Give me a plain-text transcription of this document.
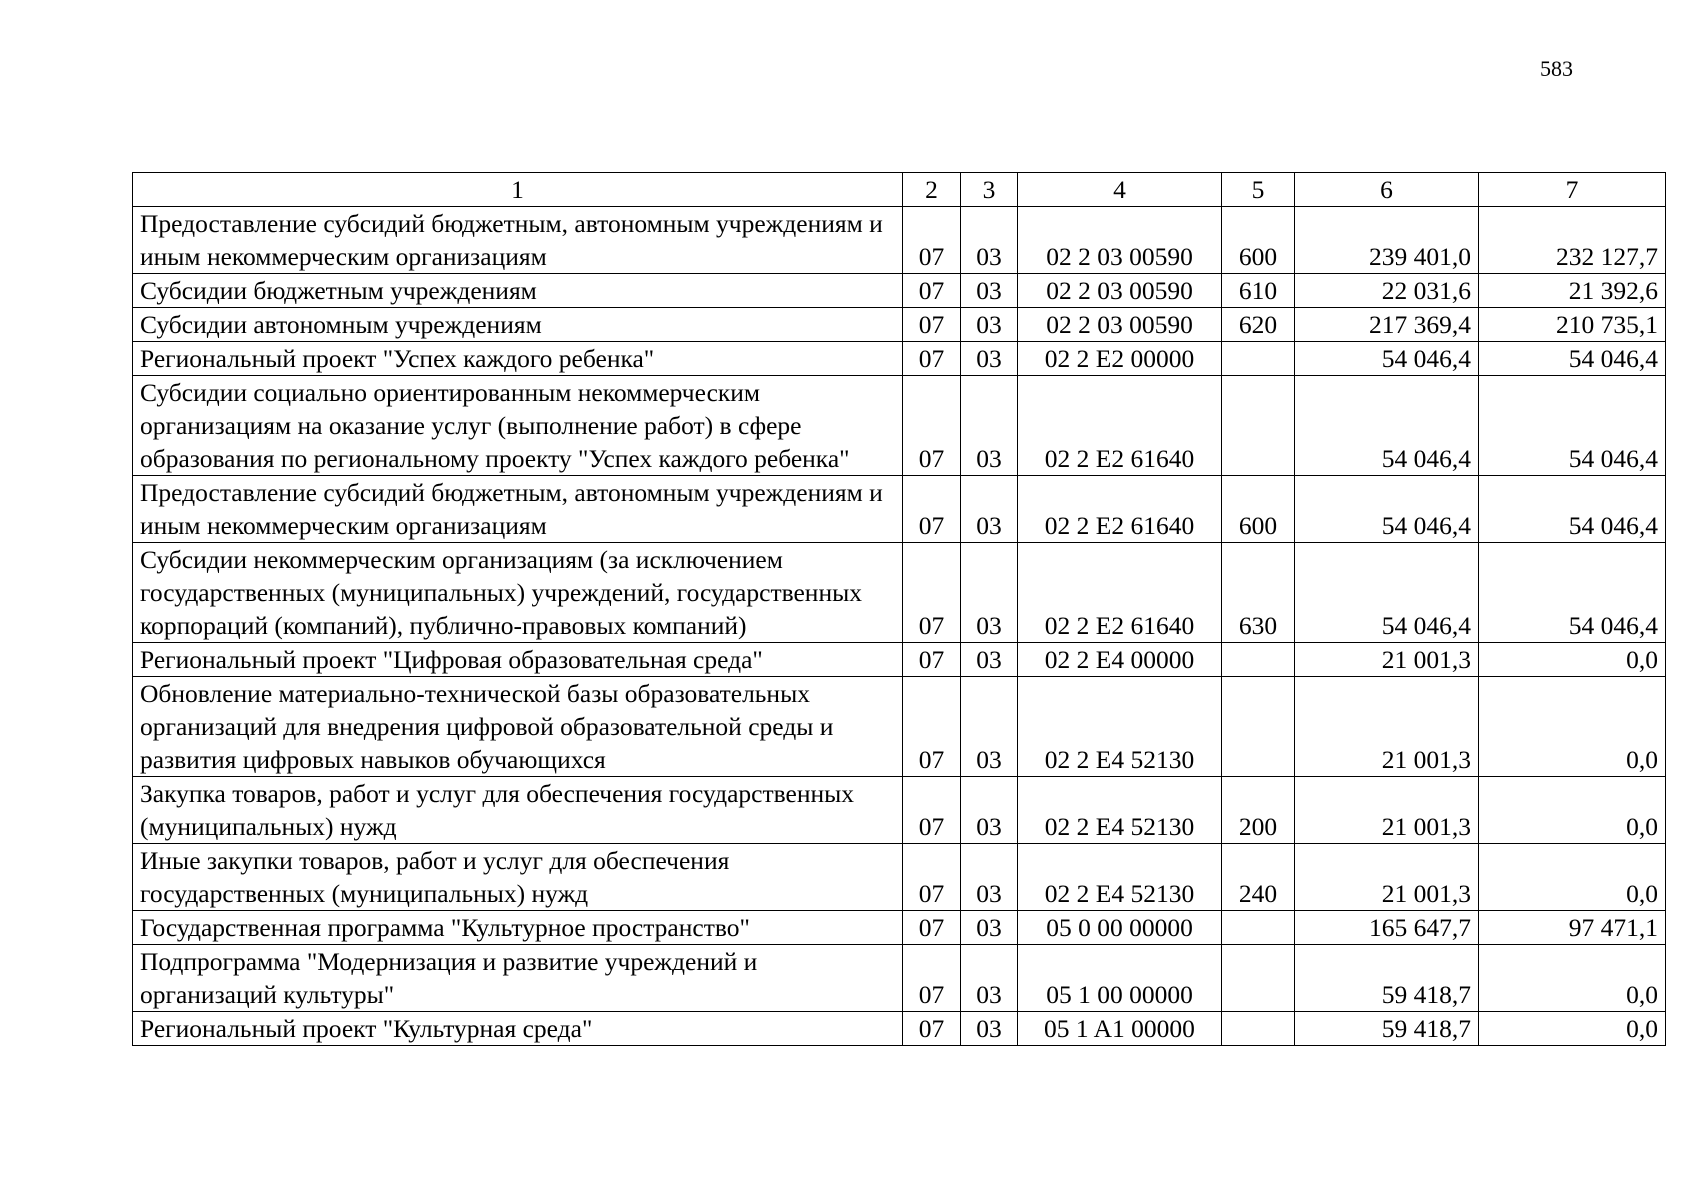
583
1	2	3	4	5	6	7
Предоставление субсидий бюджетным, автономным учреждениям и иным некоммерческим организациям	07	03	02 2 03 00590	600	239 401,0	232 127,7
Субсидии бюджетным учреждениям	07	03	02 2 03 00590	610	22 031,6	21 392,6
Субсидии автономным учреждениям	07	03	02 2 03 00590	620	217 369,4	210 735,1
Региональный проект "Успех каждого ребенка"	07	03	02 2 E2 00000		54 046,4	54 046,4
Субсидии социально ориентированным некоммерческим организациям на оказание услуг (выполнение работ) в сфере образования по региональному проекту "Успех каждого ребенка"	07	03	02 2 E2 61640		54 046,4	54 046,4
Предоставление субсидий бюджетным, автономным учреждениям и иным некоммерческим организациям	07	03	02 2 E2 61640	600	54 046,4	54 046,4
Субсидии некоммерческим организациям (за исключением государственных (муниципальных) учреждений, государственных корпораций (компаний), публично-правовых компаний)	07	03	02 2 E2 61640	630	54 046,4	54 046,4
Региональный проект "Цифровая образовательная среда"	07	03	02 2 E4 00000		21 001,3	0,0
Обновление материально-технической базы образовательных организаций для внедрения цифровой образовательной среды и развития цифровых навыков обучающихся	07	03	02 2 E4 52130		21 001,3	0,0
Закупка товаров, работ и услуг для обеспечения государственных (муниципальных) нужд	07	03	02 2 E4 52130	200	21 001,3	0,0
Иные закупки товаров, работ и услуг для обеспечения государственных (муниципальных) нужд	07	03	02 2 E4 52130	240	21 001,3	0,0
Государственная программа "Культурное пространство"	07	03	05 0 00 00000		165 647,7	97 471,1
Подпрограмма "Модернизация и развитие учреждений и организаций культуры"	07	03	05 1 00 00000		59 418,7	0,0
Региональный проект "Культурная среда"	07	03	05 1 A1 00000		59 418,7	0,0
